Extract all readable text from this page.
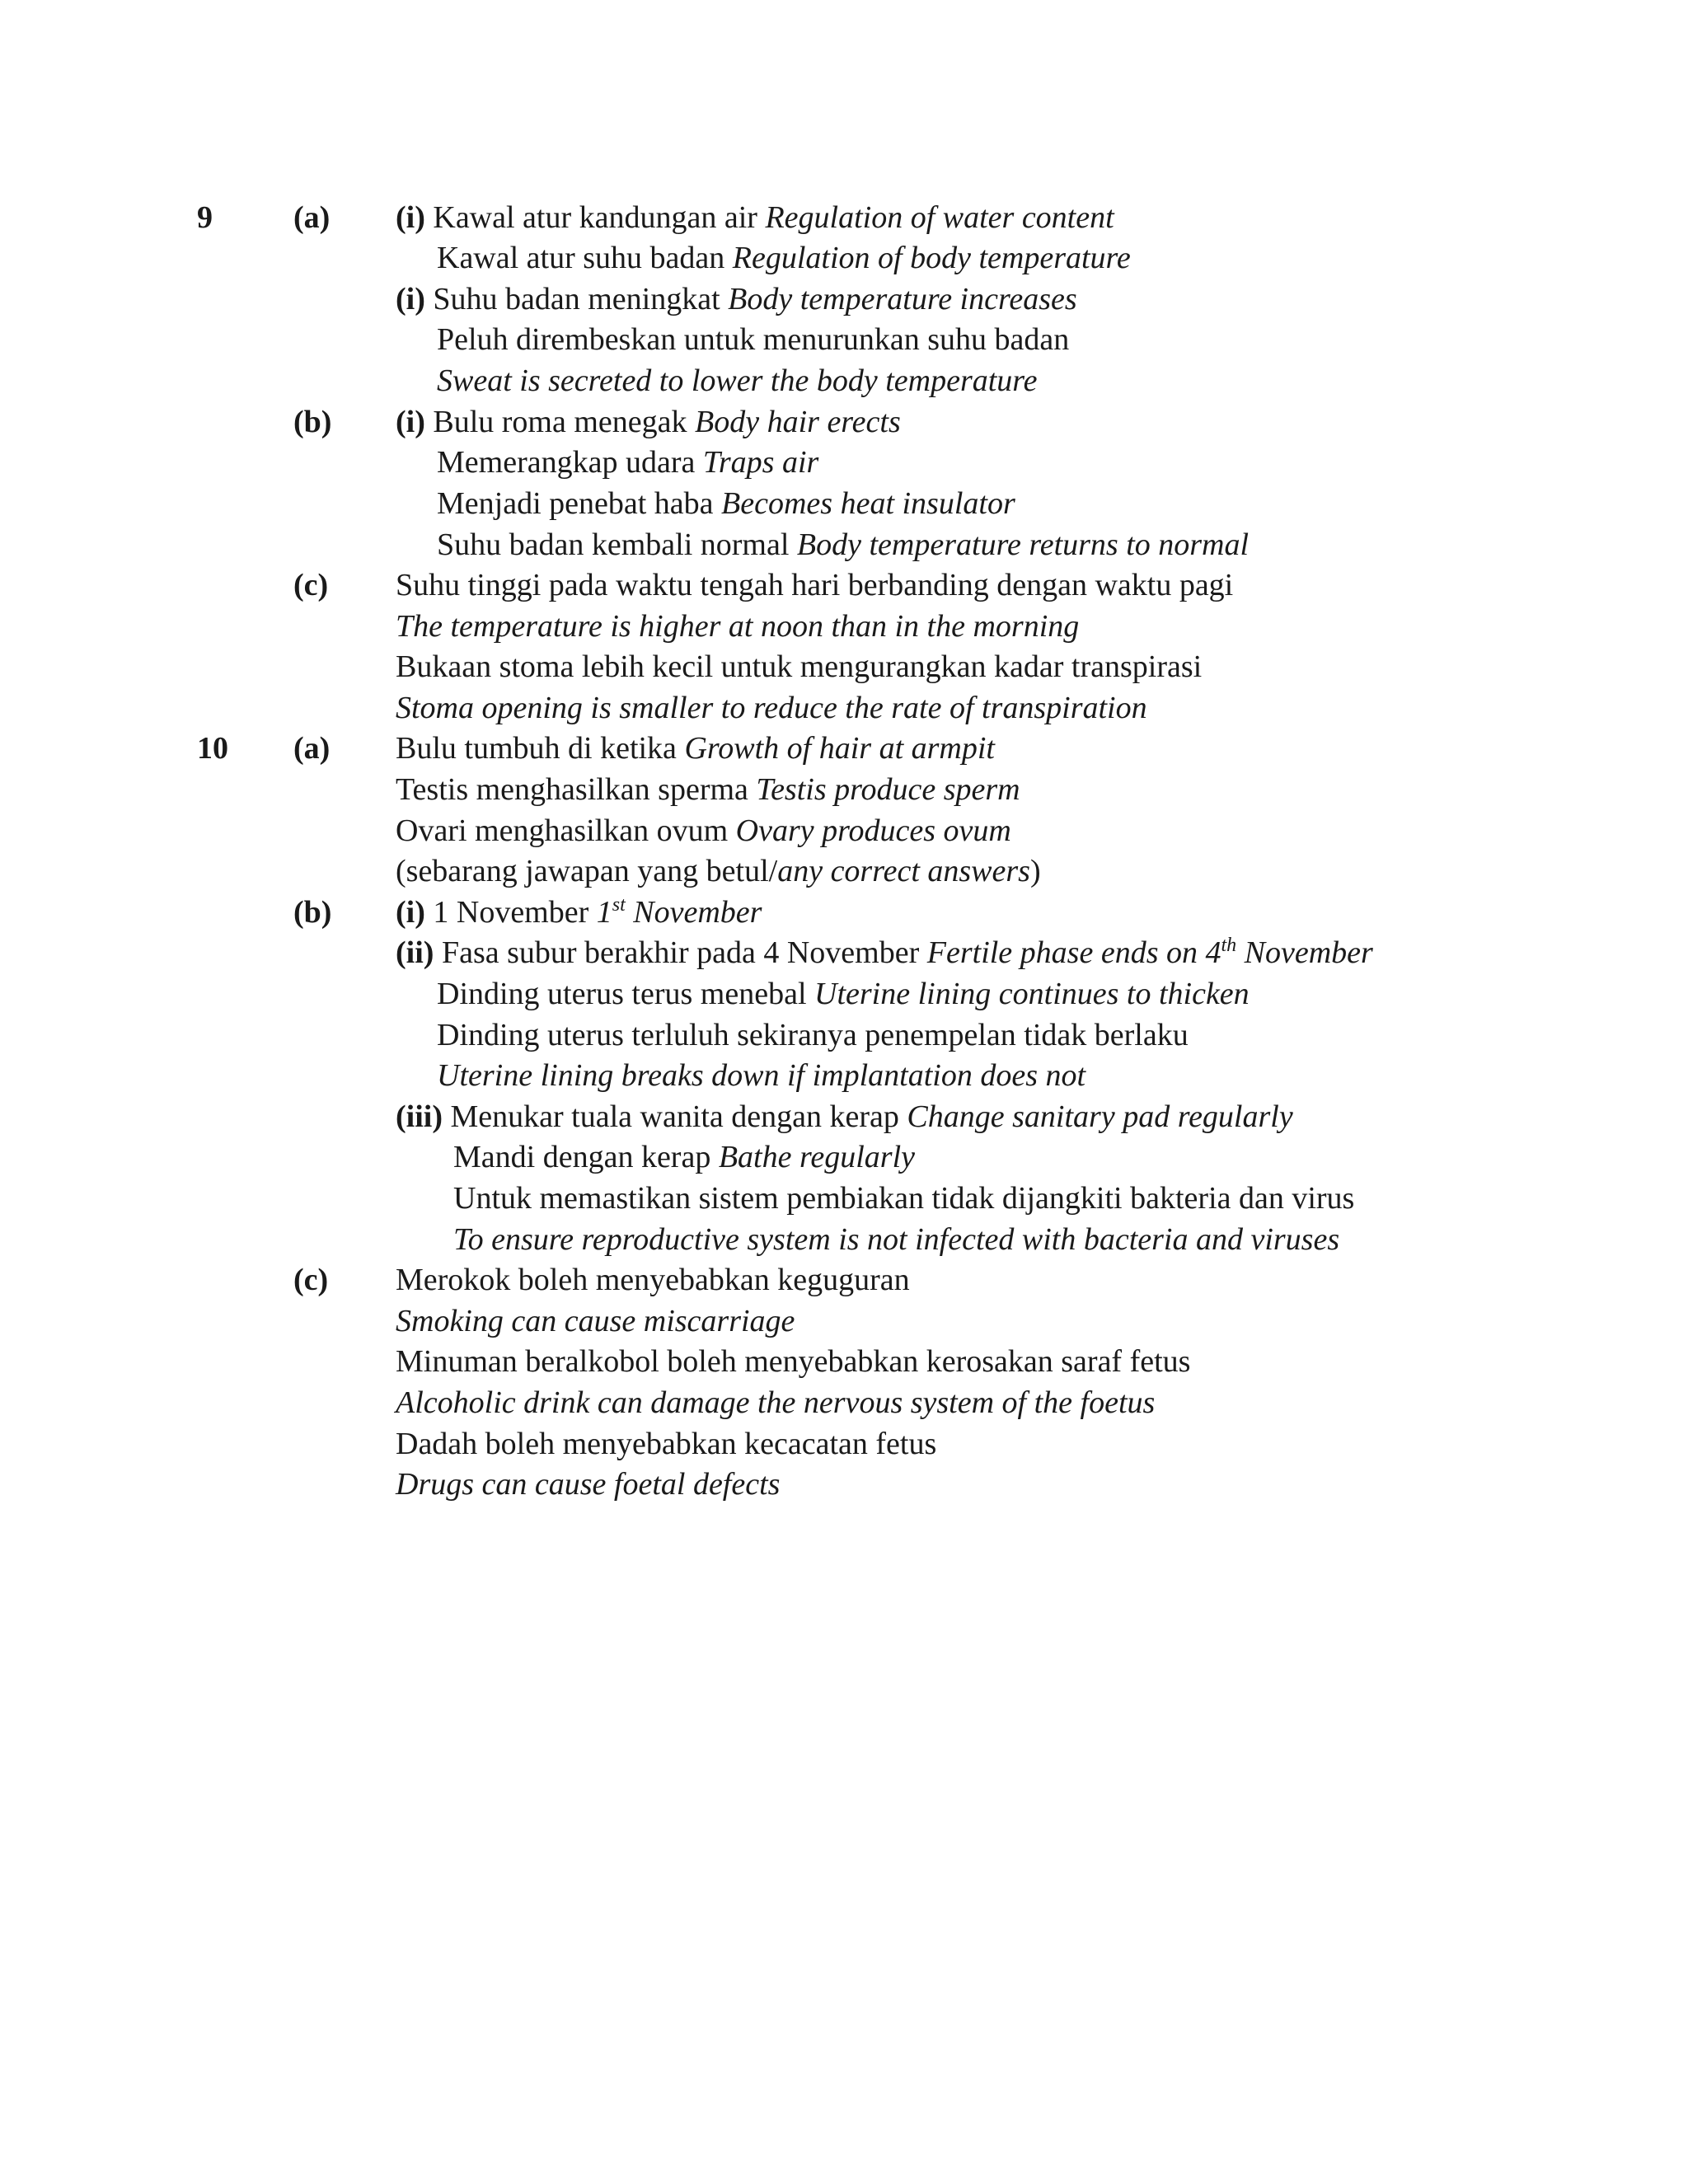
9	(a) (i) Kawal atur kandungan air Regulation of water content
Kawal atur suhu badan Regulation of body temperature
(i) Suhu badan meningkat Body temperature increases
Peluh dirembeskan untuk menurunkan suhu badan
Sweat is secreted to lower the body temperature
(b) (i) Bulu roma menegak Body hair erects
Memerangkap udara Traps air
Menjadi penebat haba Becomes heat insulator
Suhu badan kembali normal Body temperature returns to normal
(c) Suhu tinggi pada waktu tengah hari berbanding dengan waktu pagi
The temperature is higher at noon than in the morning
Bukaan stoma lebih kecil untuk mengurangkan kadar transpirasi
Stoma opening is smaller to reduce the rate of transpiration
10 (a) Bulu tumbuh di ketika Growth of hair at armpit
Testis menghasilkan sperma Testis produce sperm
Ovari menghasilkan ovum Ovary produces ovum
(sebarang jawapan yang betul/any correct answers)
(b) (i) 1 November 1st November
(ii) Fasa subur berakhir pada 4 November Fertile phase ends on 4th November
Dinding uterus terus menebal Uterine lining continues to thicken
Dinding uterus terluluh sekiranya penempelan tidak berlaku
Uterine lining breaks down if implantation does not
(iii) Menukar tuala wanita dengan kerap Change sanitary pad regularly
Mandi dengan kerap Bathe regularly
Untuk memastikan sistem pembiakan tidak dijangkiti bakteria dan virus
To ensure reproductive system is not infected with bacteria and viruses
(c) Merokok boleh menyebabkan keguguran
Smoking can cause miscarriage
Minuman beralkobol boleh menyebabkan kerosakan saraf fetus
Alcoholic drink can damage the nervous system of the foetus
Dadah boleh menyebabkan kecacatan fetus
Drugs can cause foetal defects
